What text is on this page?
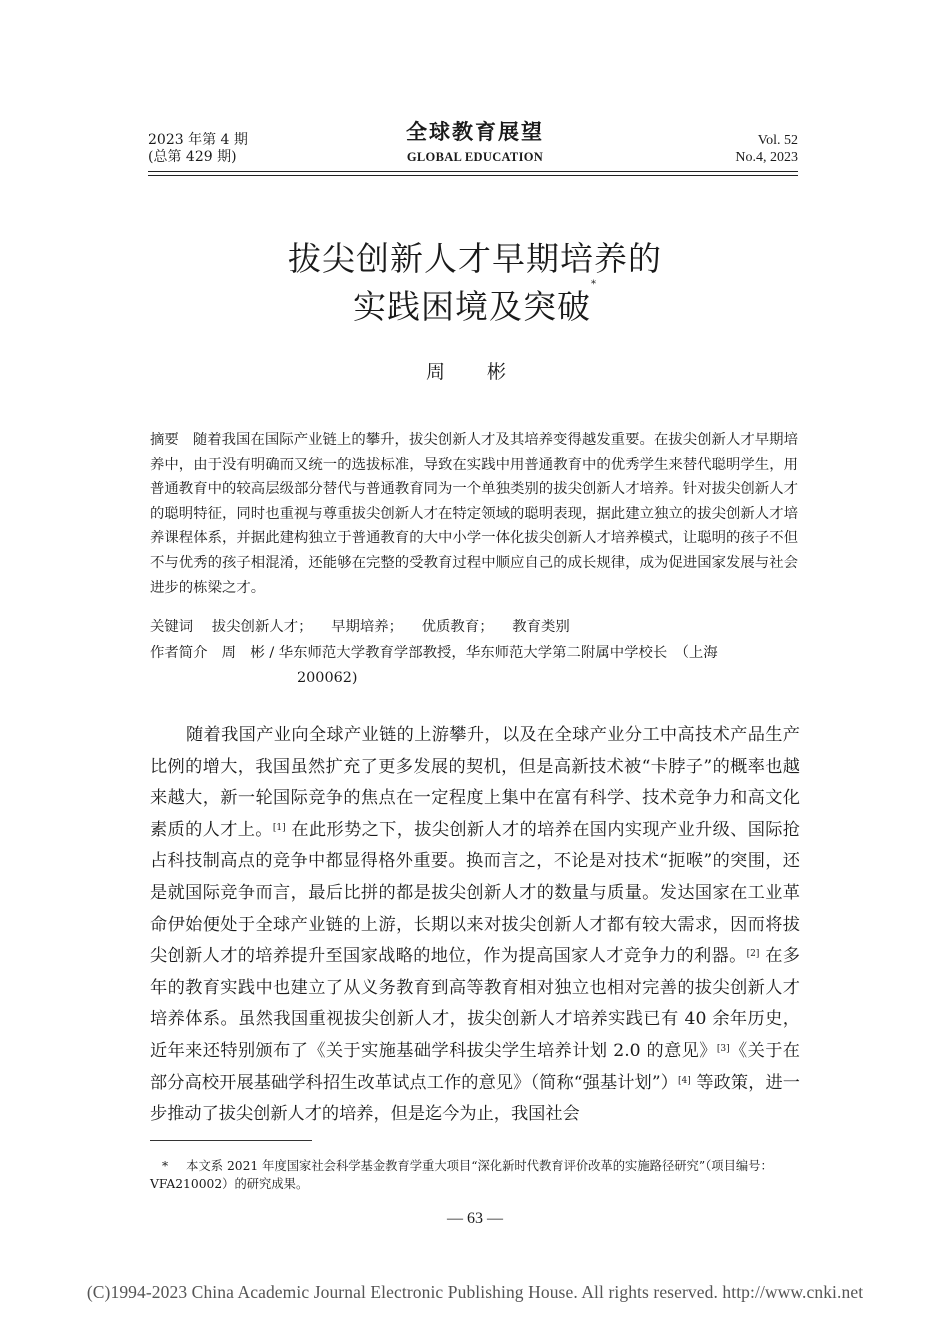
2023 年第 4 期
(总第 429 期)
全球教育展望
GLOBAL EDUCATION
Vol. 52
No.4, 2023
拔尖创新人才早期培养的
实践困境及突破*
周 彬
摘要 随着我国在国际产业链上的攀升，拔尖创新人才及其培养变得越发重要。在拔尖创新人才早期培养中，由于没有明确而又统一的选拔标准，导致在实践中用普通教育中的优秀学生来替代聪明学生，用普通教育中的较高层级部分替代与普通教育同为一个单独类别的拔尖创新人才培养。针对拔尖创新人才的聪明特征，同时也重视与尊重拔尖创新人才在特定领域的聪明表现，据此建立独立的拔尖创新人才培养课程体系，并据此建构独立于普通教育的大中小学一体化拔尖创新人才培养模式，让聪明的孩子不但不与优秀的孩子相混淆，还能够在完整的受教育过程中顺应自己的成长规律，成为促进国家发展与社会进步的栋梁之才。
关键词 拔尖创新人才； 早期培养； 优质教育； 教育类别
作者简介 周　彬 / 华东师范大学教育学部教授，华东师范大学第二附属中学校长　（上海
200062)
随着我国产业向全球产业链的上游攀升，以及在全球产业分工中高技术产品生产比例的增大，我国虽然扩充了更多发展的契机，但是高新技术被“卡脖子”的概率也越来越大，新一轮国际竞争的焦点在一定程度上集中在富有科学、技术竞争力和高文化素质的人才上。[1] 在此形势之下，拔尖创新人才的培养在国内实现产业升级、国际抢占科技制高点的竞争中都显得格外重要。换而言之，不论是对技术“扼喉”的突围，还是就国际竞争而言，最后比拼的都是拔尖创新人才的数量与质量。发达国家在工业革命伊始便处于全球产业链的上游，长期以来对拔尖创新人才都有较大需求，因而将拔尖创新人才的培养提升至国家战略的地位，作为提高国家人才竞争力的利器。[2] 在多年的教育实践中也建立了从义务教育到高等教育相对独立也相对完善的拔尖创新人才培养体系。虽然我国重视拔尖创新人才，拔尖创新人才培养实践已有 40 余年历史，近年来还特别颁布了《关于实施基础学科拔尖学生培养计划 2.0 的意见》[3]《关于在部分高校开展基础学科招生改革试点工作的意见》（简称“强基计划”）[4] 等政策，进一步推动了拔尖创新人才的培养，但是迄今为止，我国社会
* 本文系 2021 年度国家社会科学基金教育学重大项目“深化新时代教育评价改革的实施路径研究”（项目编号：VFA210002）的研究成果。
— 63 —
(C)1994-2023 China Academic Journal Electronic Publishing House. All rights reserved. http://www.cnki.net
